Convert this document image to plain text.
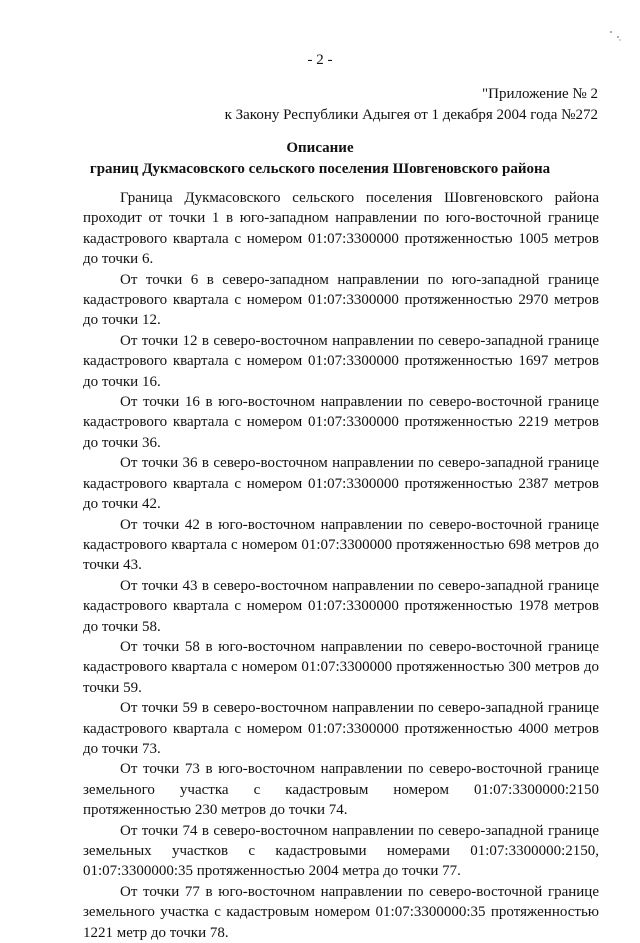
- 2 -
"Приложение № 2
к Закону Республики Адыгея от 1 декабря 2004 года №272
Описание
границ Дукмасовского сельского поселения Шовгеновского района

Граница Дукмасовского сельского поселения Шовгеновского района проходит от точки 1 в юго-западном направлении по юго-восточной границе кадастрового квартала с номером 01:07:3300000 протяженностью 1005 метров до точки 6.

От точки 6 в северо-западном направлении по юго-западной границе кадастрового квартала с номером 01:07:3300000 протяженностью 2970 метров до точки 12.

От точки 12 в северо-восточном направлении по северо-западной границе кадастрового квартала с номером 01:07:3300000 протяженностью 1697 метров до точки 16.

От точки 16 в юго-восточном направлении по северо-восточной границе кадастрового квартала с номером 01:07:3300000 протяженностью 2219 метров до точки 36.

От точки 36 в северо-восточном направлении по северо-западной границе кадастрового квартала с номером 01:07:3300000 протяженностью 2387 метров до точки 42.

От точки 42 в юго-восточном направлении по северо-восточной границе кадастрового квартала с номером 01:07:3300000 протяженностью 698 метров до точки 43.

От точки 43 в северо-восточном направлении по северо-западной границе кадастрового квартала с номером 01:07:3300000 протяженностью 1978 метров до точки 58.

От точки 58 в юго-восточном направлении по северо-восточной границе кадастрового квартала с номером 01:07:3300000 протяженностью 300 метров до точки 59.

От точки 59 в северо-восточном направлении по северо-западной границе кадастрового квартала с номером 01:07:3300000 протяженностью 4000 метров до точки 73.

От точки 73 в юго-восточном направлении по северо-восточной границе земельного участка с кадастровым номером 01:07:3300000:2150 протяженностью 230 метров до точки 74.

От точки 74 в северо-восточном направлении по северо-западной границе земельных участков с кадастровыми номерами 01:07:3300000:2150, 01:07:3300000:35 протяженностью 2004 метра до точки 77.

От точки 77 в юго-восточном направлении по северо-восточной границе земельного участка с кадастровым номером 01:07:3300000:35 протяженностью 1221 метр до точки 78.
